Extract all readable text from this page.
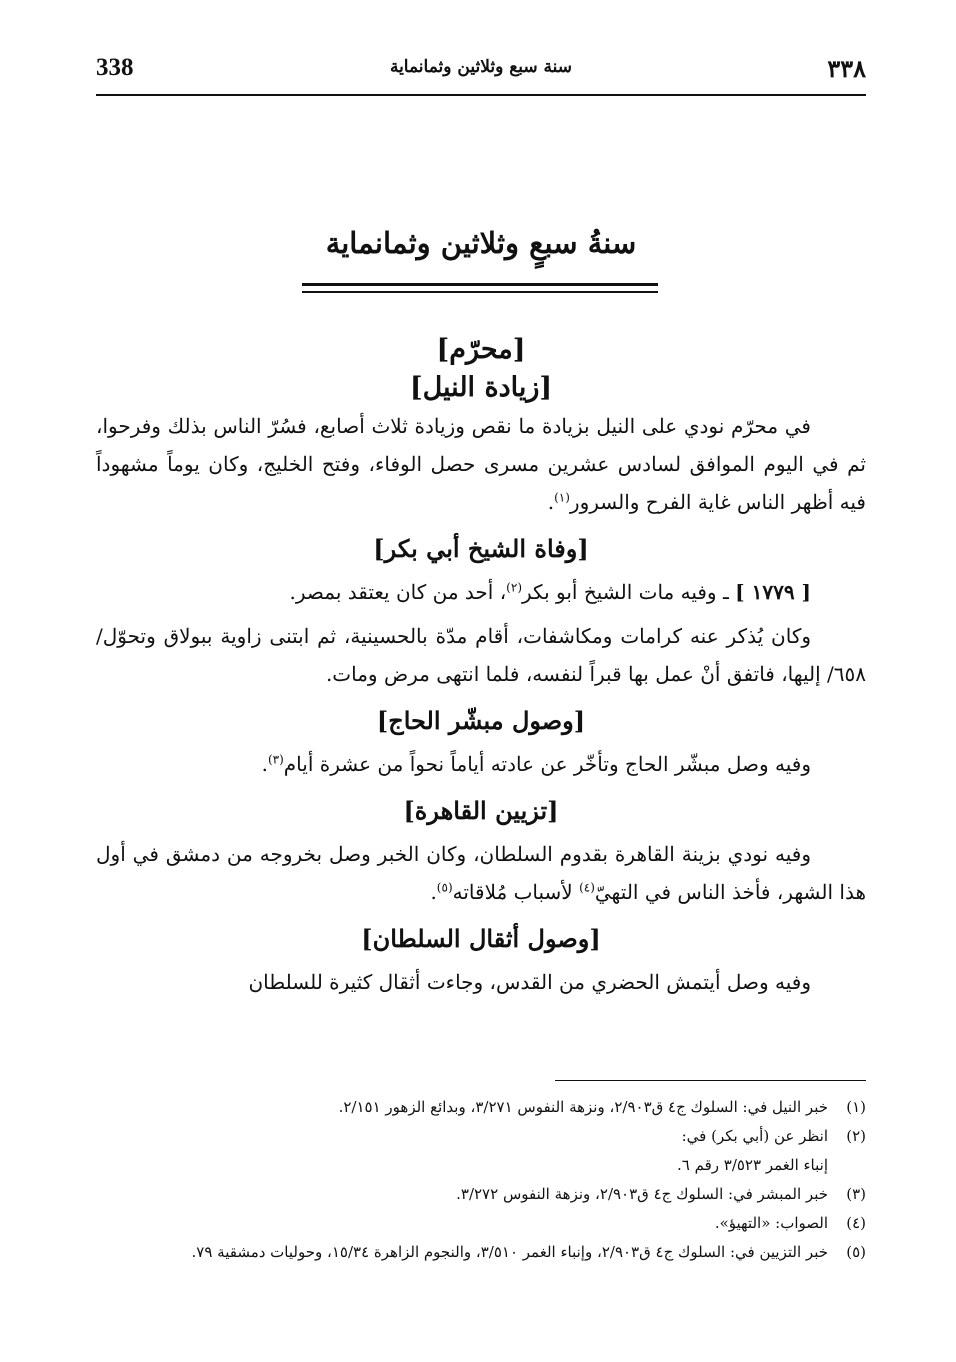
338	سنة سبع وثلاثين وثمانماية	٣٣٨
سنةُ سبعٍ وثلاثين وثمانماية
[محرّم]
[زيادة النيل]

في محرّم نودي على النيل بزيادة ما نقص وزيادة ثلاث أصابع، فسُرّ الناس بذلك وفرحوا، ثم في اليوم الموافق لسادس عشرين مسرى حصل الوفاء، وفتح الخليج، وكان يوماً مشهوداً فيه أظهر الناس غاية الفرح والسرور$^{(١)}$.

[وفاة الشيخ أبي بكر]

[ ١٧٧٩ ] ـ وفيه مات الشيخ أبو بكر$^{(٢)}$، أحد من كان يعتقد بمصر.

وكان يُذكر عنه كرامات ومكاشفات، أقام مدّة بالحسينية، ثم ابتنى زاوية ببولاق وتحوّل/٦٥٨/ إليها، فاتفق أنْ عمل بها قبراً لنفسه، فلما انتهى مرض ومات.

[وصول مبشّر الحاج]

وفيه وصل مبشّر الحاج وتأخّر عن عادته أياماً نحواً من عشرة أيام$^{(٣)}$.

[تزيين القاهرة]

وفيه نودي بزينة القاهرة بقدوم السلطان، وكان الخبر وصل بخروجه من دمشق في أول هذا الشهر، فأخذ الناس في التهيّ$^{(٤)}$ لأسباب مُلاقاته$^{(٥)}$.

[وصول أثقال السلطان]

وفيه وصل أيتمش الحضري من القدس، وجاءت أثقال كثيرة للسلطان

(١)
خبر النيل في: السلوك ج٤ ق٢/٩٠٣، ونزهة النفوس ٣/٢٧١، وبدائع الزهور ٢/١٥١.
(٢)
انظر عن (أبي بكر) في:
إنباء الغمر ٣/٥٢٣ رقم ٦.
(٣)
خبر المبشر في: السلوك ج٤ ق٢/٩٠٣، ونزهة النفوس ٣/٢٧٢.
(٤)
الصواب: «التهيؤ».
(٥)
خبر التزيين في: السلوك ج٤ ق٢/٩٠٣، وإنباء الغمر ٣/٥١٠، والنجوم الزاهرة ١٥/٣٤، وحوليات دمشقية ٧٩.
